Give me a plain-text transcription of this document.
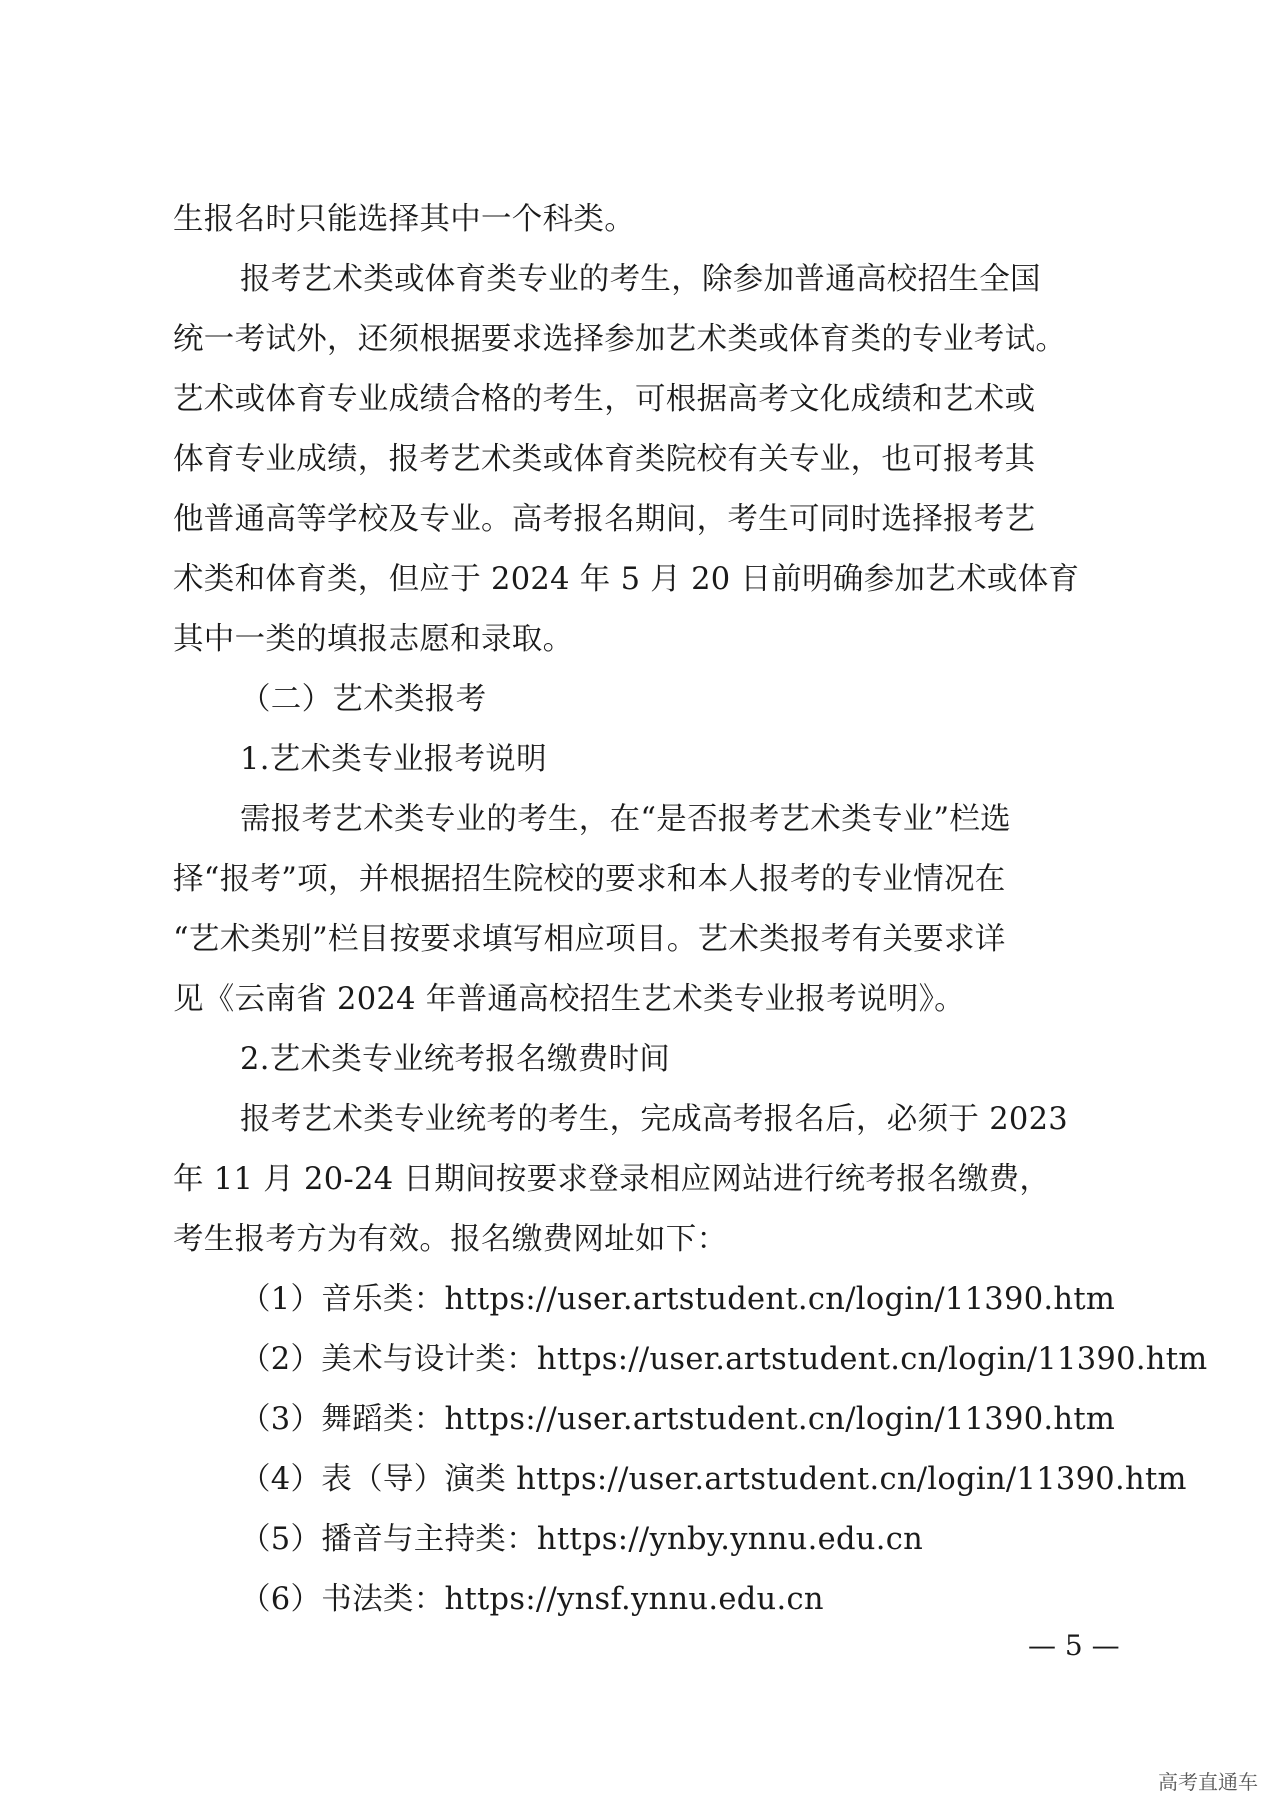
生报名时只能选择其中一个科类。
报考艺术类或体育类专业的考生，除参加普通高校招生全国
统一考试外，还须根据要求选择参加艺术类或体育类的专业考试。
艺术或体育专业成绩合格的考生，可根据高考文化成绩和艺术或
体育专业成绩，报考艺术类或体育类院校有关专业，也可报考其
他普通高等学校及专业。高考报名期间，考生可同时选择报考艺
术类和体育类，但应于 2024 年 5 月 20 日前明确参加艺术或体育
其中一类的填报志愿和录取。
（二）艺术类报考
1.艺术类专业报考说明
需报考艺术类专业的考生，在“是否报考艺术类专业”栏选
择“报考”项，并根据招生院校的要求和本人报考的专业情况在
“艺术类别”栏目按要求填写相应项目。艺术类报考有关要求详
见《云南省 2024 年普通高校招生艺术类专业报考说明》。
2.艺术类专业统考报名缴费时间
报考艺术类专业统考的考生，完成高考报名后，必须于 2023
年 11 月 20-24 日期间按要求登录相应网站进行统考报名缴费，
考生报考方为有效。报名缴费网址如下：
（1）音乐类：https://user.artstudent.cn/login/11390.htm
（2）美术与设计类：https://user.artstudent.cn/login/11390.htm
（3）舞蹈类：https://user.artstudent.cn/login/11390.htm
（4）表（导）演类 https://user.artstudent.cn/login/11390.htm
（5）播音与主持类：https://ynby.ynnu.edu.cn
（6）书法类：https://ynsf.ynnu.edu.cn
— 5 —
高考直通车
